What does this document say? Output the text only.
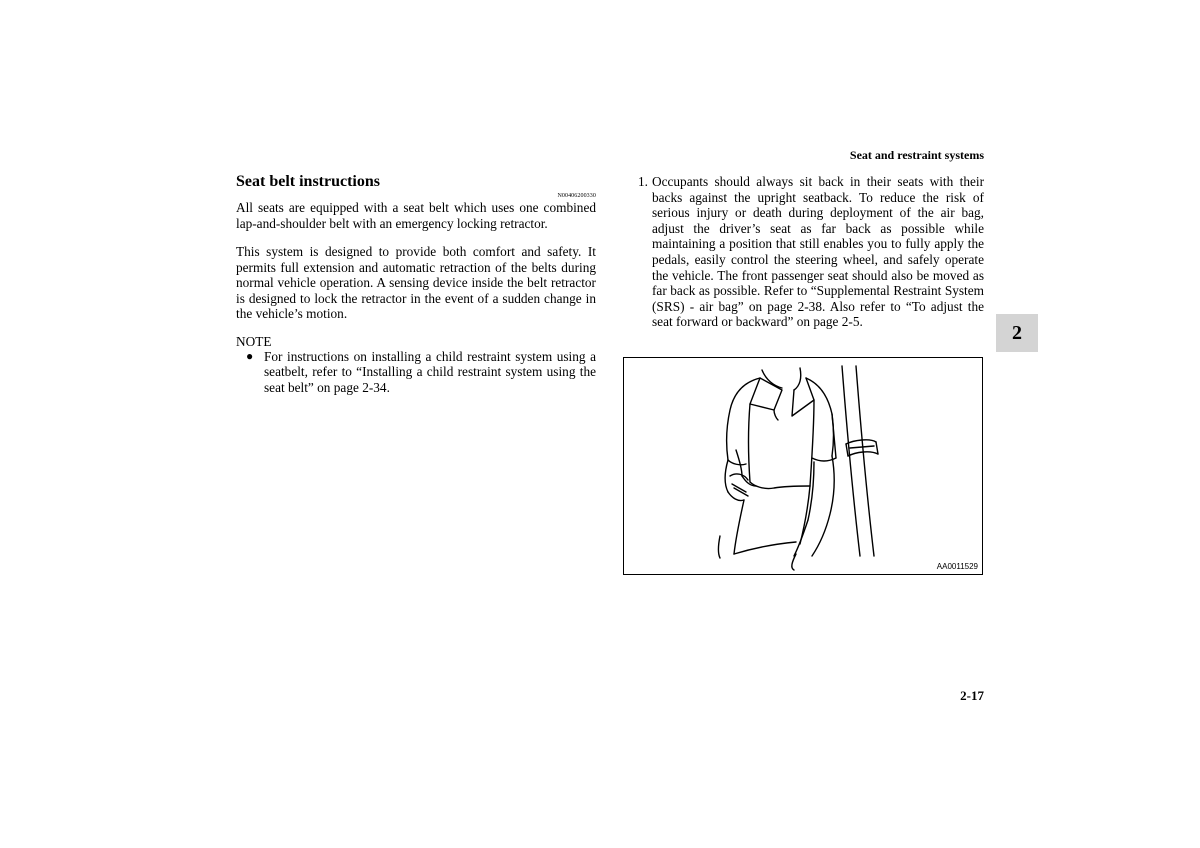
Seat and restraint systems
Seat belt instructions
N00406200330

All seats are equipped with a seat belt which uses one combined lap-and-shoulder belt with an emergency locking retractor.

This system is designed to provide both comfort and safety. It permits full extension and automatic retraction of the belts during normal vehicle operation. A sensing device inside the belt retractor is designed to lock the retractor in the event of a sudden change in the vehicle’s motion.

NOTE
● For instructions on installing a child restraint system using a seatbelt, refer to “Installing a child restraint system using the seat belt” on page 2-34.
1. Occupants should always sit back in their seats with their backs against the upright seatback. To reduce the risk of serious injury or death during deployment of the air bag, adjust the driver’s seat as far back as possible while maintaining a position that still enables you to fully apply the pedals, easily control the steering wheel, and safely operate the vehicle. The front passenger seat should also be moved as far back as possible. Refer to “Supplemental Restraint System (SRS) - air bag” on page 2-38. Also refer to “To adjust the seat forward or backward” on page 2-5.
AA0011529
2
2-17
